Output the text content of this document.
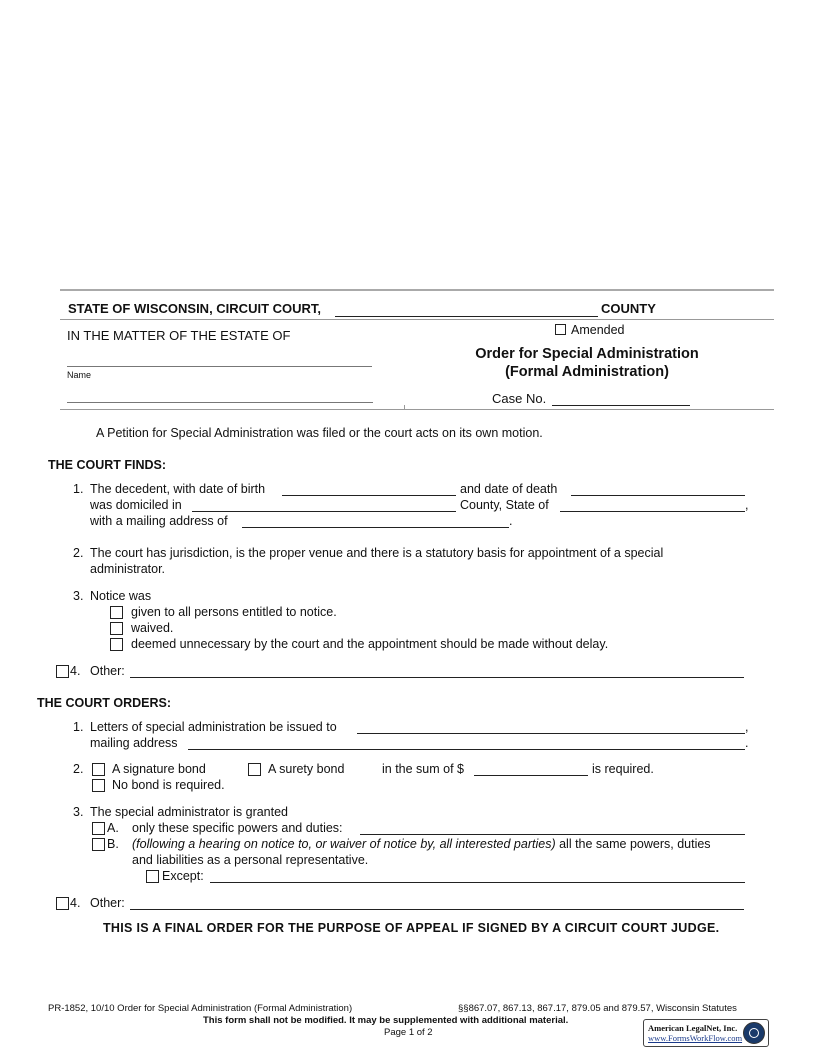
STATE OF WISCONSIN, CIRCUIT COURT,	COUNTY
IN THE MATTER OF THE ESTATE OF
Name
Amended
Order for Special Administration
(Formal Administration)
Case No.
A Petition for Special Administration was filed or the court acts on its own motion.
THE COURT FINDS:
1. The decedent, with date of birth	and date of death
was domiciled in	County, State of	,
with a mailing address of	.
2. The court has jurisdiction, is the proper venue and there is a statutory basis for appointment of a special
administrator.
3. Notice was
given to all persons entitled to notice.
waived.
deemed unnecessary by the court and the appointment should be made without delay.
4. Other:
THE COURT ORDERS:
1. Letters of special administration be issued to	,
mailing address	.
2. A signature bond	A surety bond	in the sum of $	is required.
No bond is required.
3. The special administrator is granted
A. only these specific powers and duties:
B. (following a hearing on notice to, or waiver of notice by, all interested parties) all the same powers, duties
and liabilities as a personal representative.
Except:
4. Other:
THIS IS A FINAL ORDER FOR THE PURPOSE OF APPEAL IF SIGNED BY A CIRCUIT COURT JUDGE.
PR-1852, 10/10 Order for Special Administration (Formal Administration)	§§867.07, 867.13, 867.17, 879.05 and 879.57, Wisconsin Statutes
This form shall not be modified. It may be supplemented with additional material.
Page 1 of 2	American LegalNet, Inc.
www.FormsWorkFlow.com
